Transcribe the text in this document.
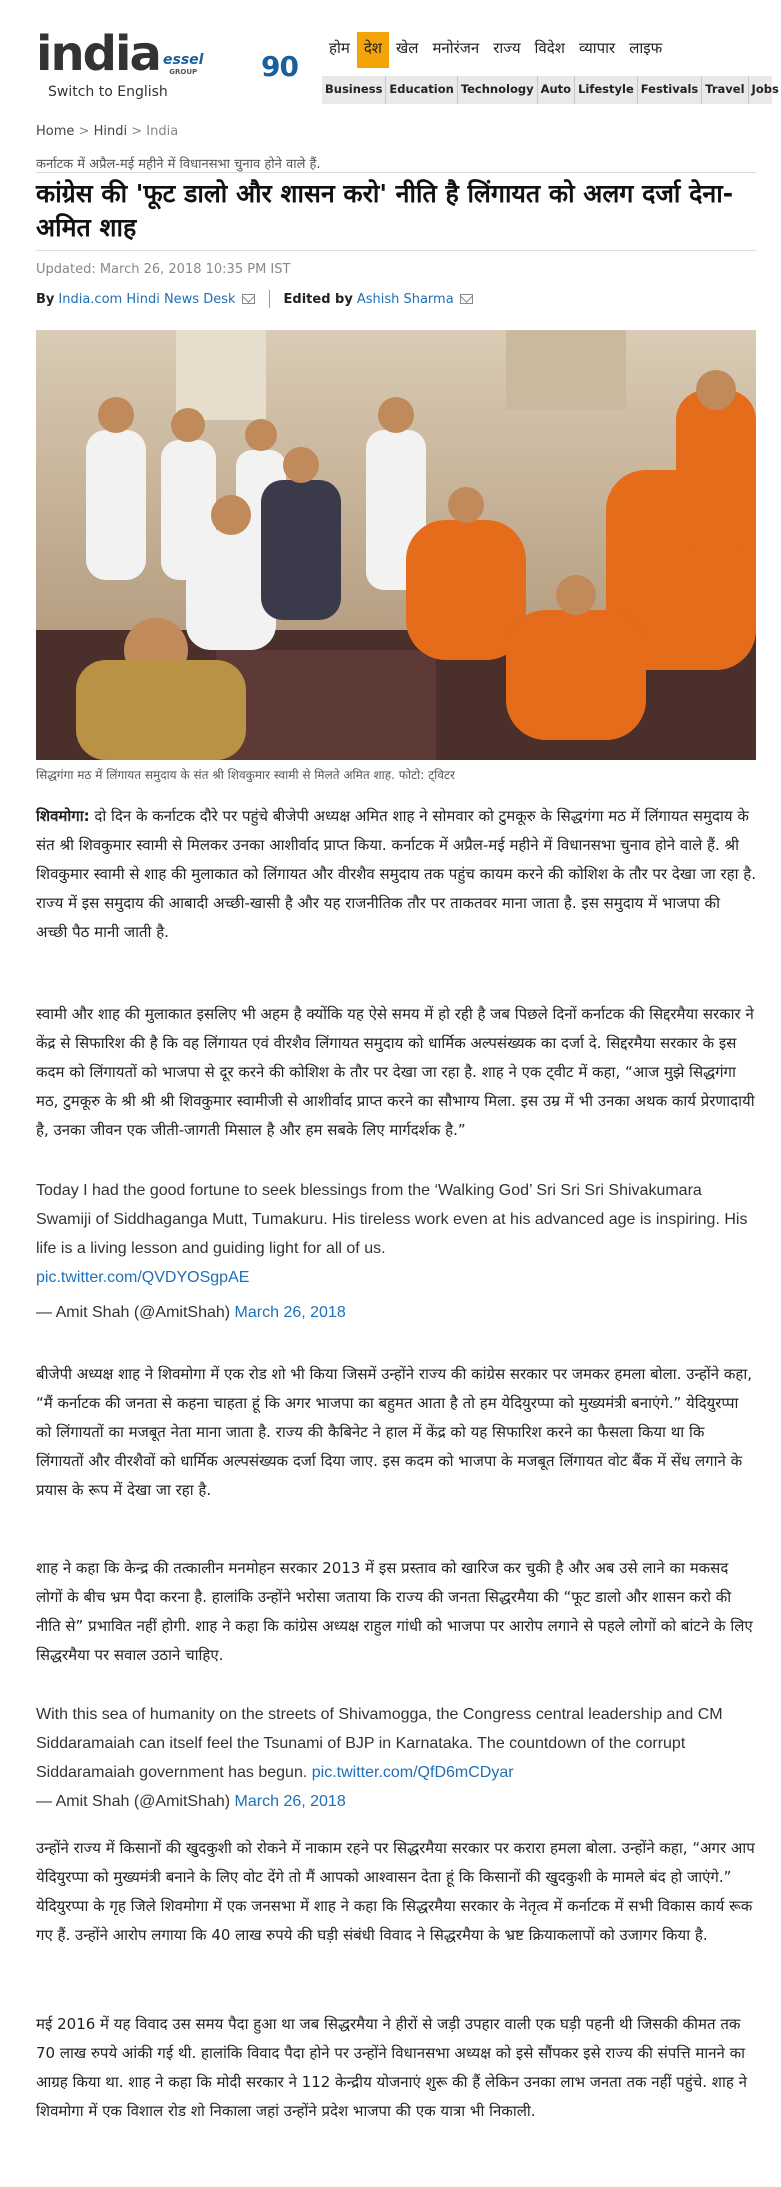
india
Switch to English
essel
GROUP 90
होम देश खेल मनोरंजन राज्य विदेश व्यापार लाइफ
Business Education Technology Auto Lifestyle Festivals Travel Jobs
Home > Hindi > India
कर्नाटक में अप्रैल-मई महीने में विधानसभा चुनाव होने वाले हैं.
कांग्रेस की 'फूट डालो और शासन करो' नीति है लिंगायत को अलग दर्जा देना- अमित शाह
Updated: March 26, 2018 10:35 PM IST
By India.com Hindi News Desk	Edited by Ashish Sharma
सिद्धगंगा मठ में लिंगायत समुदाय के संत श्री शिवकुमार स्वामी से मिलते अमित शाह. फोटो: ट्विटर

शिवमोगा: दो दिन के कर्नाटक दौरे पर पहुंचे बीजेपी अध्यक्ष अमित शाह ने सोमवार को टुमकूरु के सिद्धगंगा मठ में लिंगायत समुदाय के संत श्री शिवकुमार स्वामी से मिलकर उनका आशीर्वाद प्राप्त किया. कर्नाटक में अप्रैल-मई महीने में विधानसभा चुनाव होने वाले हैं. श्री शिवकुमार स्वामी से शाह की मुलाकात को लिंगायत और वीरशैव समुदाय तक पहुंच कायम करने की कोशिश के तौर पर देखा जा रहा है. राज्य में इस समुदाय की आबादी अच्छी-खासी है और यह राजनीतिक तौर पर ताकतवर माना जाता है. इस समुदाय में भाजपा की अच्छी पैठ मानी जाती है.

स्वामी और शाह की मुलाकात इसलिए भी अहम है क्योंकि यह ऐसे समय में हो रही है जब पिछले दिनों कर्नाटक की सिद्दरमैया सरकार ने केंद्र से सिफारिश की है कि वह लिंगायत एवं वीरशैव लिंगायत समुदाय को धार्मिक अल्पसंख्यक का दर्जा दे. सिद्दरमैया सरकार के इस कदम को लिंगायतों को भाजपा से दूर करने की कोशिश के तौर पर देखा जा रहा है. शाह ने एक ट्वीट में कहा, “आज मुझे सिद्धगंगा मठ, टुमकूरु के श्री श्री श्री शिवकुमार स्वामीजी से आशीर्वाद प्राप्त करने का सौभाग्य मिला. इस उम्र में भी उनका अथक कार्य प्रेरणादायी है, उनका जीवन एक जीती-जागती मिसाल है और हम सबके लिए मार्गदर्शक है.”

Today I had the good fortune to seek blessings from the ‘Walking God’ Sri Sri Sri Shivakumara Swamiji of Siddhaganga Mutt, Tumakuru. His tireless work even at his advanced age is inspiring. His life is a living lesson and guiding light for all of us.

pic.twitter.com/QVDYOSgpAE

— Amit Shah (@AmitShah) March 26, 2018

बीजेपी अध्यक्ष शाह ने शिवमोगा में एक रोड शो भी किया जिसमें उन्होंने राज्य की कांग्रेस सरकार पर जमकर हमला बोला. उन्होंने कहा, “मैं कर्नाटक की जनता से कहना चाहता हूं कि अगर भाजपा का बहुमत आता है तो हम येदियुरप्पा को मुख्यमंत्री बनाएंगे.” येदियुरप्पा को लिंगायतों का मजबूत नेता माना जाता है. राज्य की कैबिनेट ने हाल में केंद्र को यह सिफारिश करने का फैसला किया था कि लिंगायतों और वीरशैवों को धार्मिक अल्पसंख्यक दर्जा दिया जाए. इस कदम को भाजपा के मजबूत लिंगायत वोट बैंक में सेंध लगाने के प्रयास के रूप में देखा जा रहा है.

शाह ने कहा कि केन्द्र की तत्कालीन मनमोहन सरकार 2013 में इस प्रस्ताव को खारिज कर चुकी है और अब उसे लाने का मकसद लोगों के बीच भ्रम पैदा करना है. हालांकि उन्होंने भरोसा जताया कि राज्य की जनता सिद्धरमैया की “फूट डालो और शासन करो की नीति से” प्रभावित नहीं होगी. शाह ने कहा कि कांग्रेस अध्यक्ष राहुल गांधी को भाजपा पर आरोप लगाने से पहले लोगों को बांटने के लिए सिद्धरमैया पर सवाल उठाने चाहिए.

With this sea of humanity on the streets of Shivamogga, the Congress central leadership and CM Siddaramaiah can itself feel the Tsunami of BJP in Karnataka. The countdown of the corrupt Siddaramaiah government has begun. pic.twitter.com/QfD6mCDyar

— Amit Shah (@AmitShah) March 26, 2018

उन्होंने राज्य में किसानों की खुदकुशी को रोकने में नाकाम रहने पर सिद्धरमैया सरकार पर करारा हमला बोला. उन्होंने कहा, “अगर आप येदियुरप्पा को मुख्यमंत्री बनाने के लिए वोट देंगे तो मैं आपको आश्वासन देता हूं कि किसानों की खुदकुशी के मामले बंद हो जाएंगे.” येदियुरप्पा के गृह जिले शिवमोगा में एक जनसभा में शाह ने कहा कि सिद्धरमैया सरकार के नेतृत्व में कर्नाटक में सभी विकास कार्य रूक गए हैं. उन्होंने आरोप लगाया कि 40 लाख रुपये की घड़ी संबंधी विवाद ने सिद्धरमैया के भ्रष्ट क्रियाकलापों को उजागर किया है.

मई 2016 में यह विवाद उस समय पैदा हुआ था जब सिद्धरमैया ने हीरों से जड़ी उपहार वाली एक घड़ी पहनी थी जिसकी कीमत तक 70 लाख रुपये आंकी गई थी. हालांकि विवाद पैदा होने पर उन्होंने विधानसभा अध्यक्ष को इसे सौंपकर इसे राज्य की संपत्ति मानने का आग्रह किया था. शाह ने कहा कि मोदी सरकार ने 112 केन्द्रीय योजनाएं शुरू की हैं लेकिन उनका लाभ जनता तक नहीं पहुंचे. शाह ने शिवमोगा में एक विशाल रोड शो निकाला जहां उन्होंने प्रदेश भाजपा की एक यात्रा भी निकाली.
